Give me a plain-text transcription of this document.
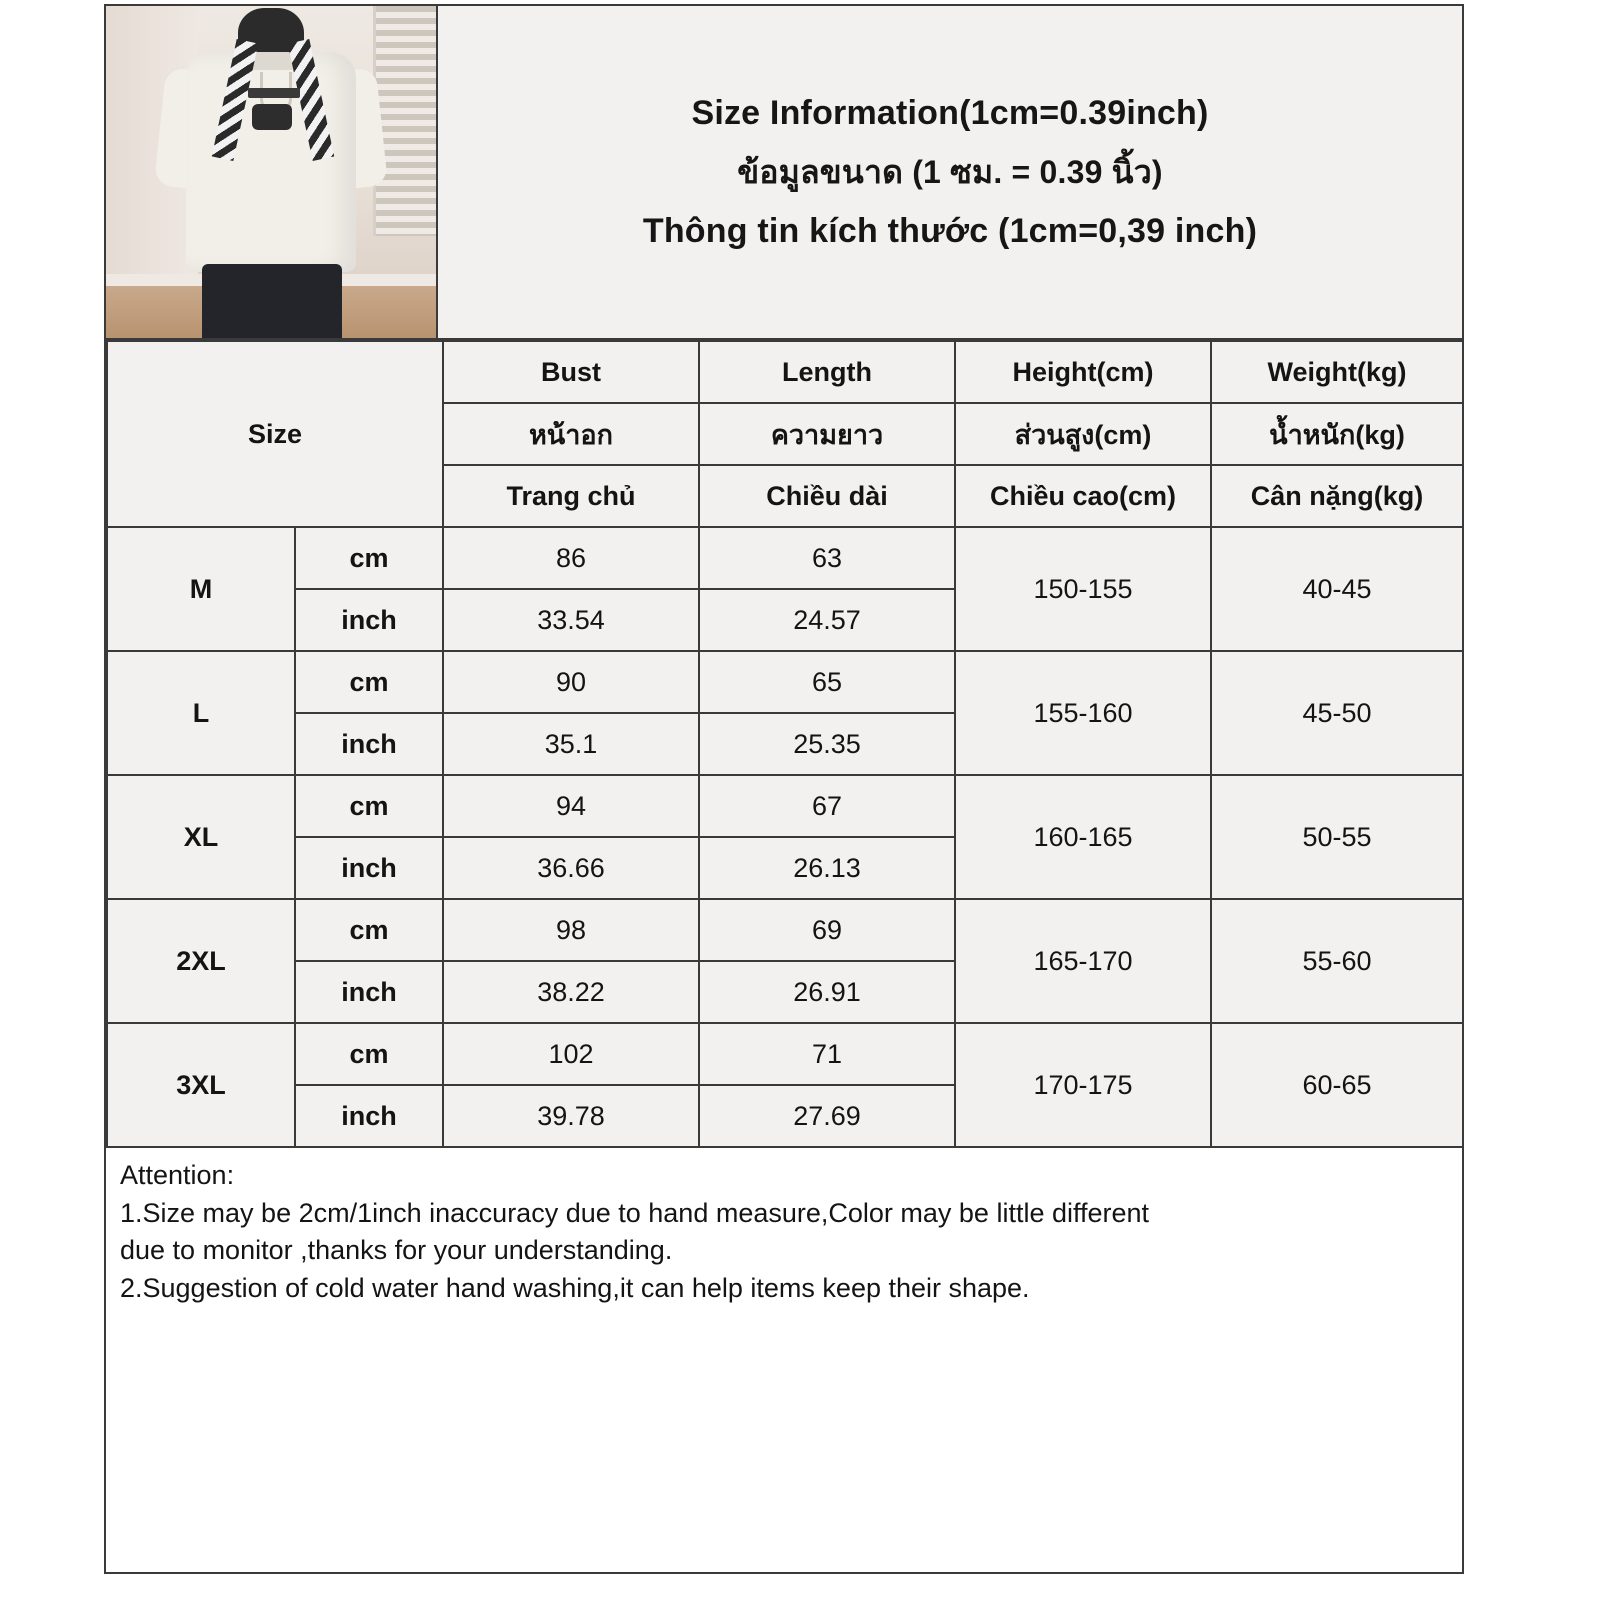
Size Information(1cm=0.39inch)
ข้อมูลขนาด (1 ซม. = 0.39 นิ้ว)
Thông tin kích thước (1cm=0,39 inch)
Size		Bust	Length	Height(cm)	Weight(kg)
		หน้าอก	ความยาว	ส่วนสูง(cm)	น้ำหนัก(kg)
		Trang chủ	Chiều dài	Chiều cao(cm)	Cân nặng(kg)
M	cm	86	63	150-155	40-45
	inch	33.54	24.57		
L	cm	90	65	155-160	45-50
	inch	35.1	25.35		
XL	cm	94	67	160-165	50-55
	inch	36.66	26.13		
2XL	cm	98	69	165-170	55-60
	inch	38.22	26.91		
3XL	cm	102	71	170-175	60-65
	inch	39.78	27.69		

Attention:

1.Size may be 2cm/1inch inaccuracy due to hand measure,Color may be little different

due to monitor ,thanks for your understanding.

2.Suggestion of cold water hand washing,it can help items keep their shape.
